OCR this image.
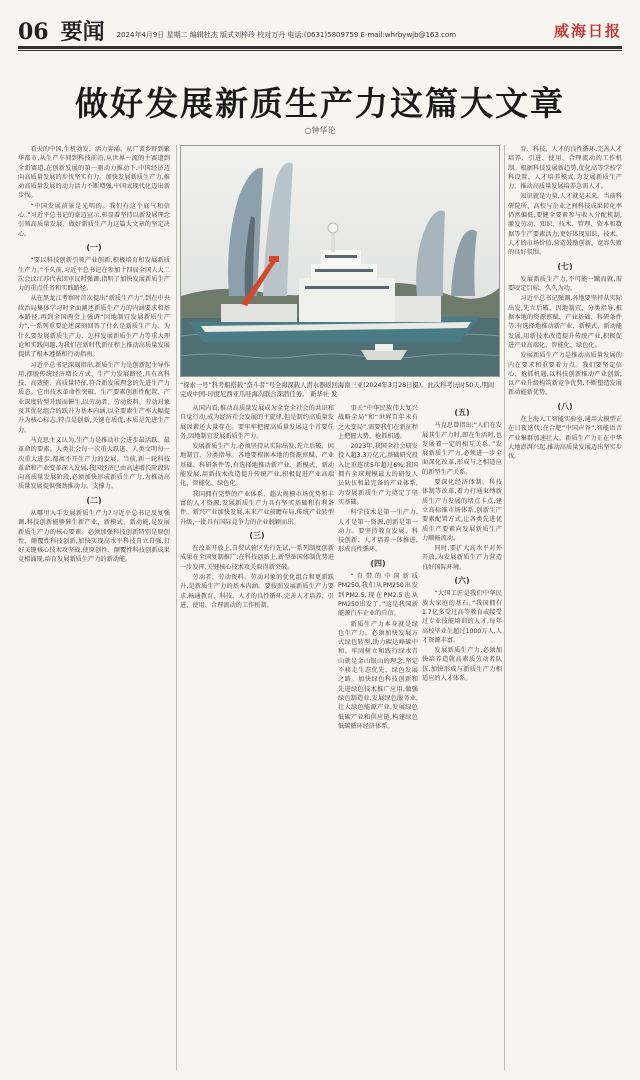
06 要闻 2024年4月9日 星期二 编辑杜杰 版式刘梓玲 校对万丹 电话:(0631)5809759 E-mail:whrbywjb@163.com	威海日报
做好发展新质生产力这篇大文章
○钟华论
“探索一号”科考船搭载“奋斗者”号全海深载人潜水器返回海南三亚(2024年3月28日摄)。此次科考历时50天,期间完成中国-印度尼西亚爪哇海沟联合深潜任务。 新华社 发

看天的中国,生机勃发、活力奔涌。从广袤乡野到繁华都市,从生产车间到科技前沿,从世界一流的主赛道到全新赛道,在创新发展的第一驱动力推动下,中国经济迈向高质量发展的步伐坚实有力。加快发展新质生产力,推动高质量发展的动力活力不断增强,中国式现代化迈出新步伐。

“中国发展前景是光明的。我们有这个底气和信心。”习近平总书记的豪迈宣示,彰显着坚持以新发展理念引领高质量发展、做好新质生产力这篇大文章的坚定决心。

(一)

“要以科技创新引领产业创新,积极培育和发展新质生产力。”不久前,习近平总书记在参加十四届全国人大二次会议江苏代表团审议时强调,指明了加快发展新质生产力的重点任务和实践路径。

从在黑龙江考察时首次提出“新质生产力”,到在中央政治局集体学习时全面阐述新质生产力的内涵要求和基本路径,再到全国两会上强调“因地制宜发展新质生产力”,一系列重要论述深刻回答了什么是新质生产力、为什么要发展新质生产力、怎样发展新质生产力等重大理论和实践问题,为我们在新时代新征程上推动高质量发展提供了根本遵循和行动指南。

习近平总书记深刻指出,新质生产力是创新起主导作用,摆脱传统经济增长方式、生产力发展路径,具有高科技、高效能、高质量特征,符合新发展理念的先进生产力质态。它由技术革命性突破、生产要素创新性配置、产业深度转型升级而催生,以劳动者、劳动资料、劳动对象及其优化组合的跃升为基本内涵,以全要素生产率大幅提升为核心标志,特点是创新,关键在质优,本质是先进生产力。

马克思主义认为,生产力是推动社会进步最活跃、最革命的要素。人类社会每一次重大跃进、人类文明每一次重大进步,都离不开生产力的发展。当前,新一轮科技革命和产业变革深入发展,我国经济已由高速增长阶段转向高质量发展阶段,必须加快形成新质生产力,为推动高质量发展提供强劲推动力、支撑力。

(二)

从哪里入手发展新质生产力?习近平总书记反复强调,科技创新能够催生新产业、新模式、新动能,是发展新质生产力的核心要素。必须加强科技创新特别是原创性、颠覆性科技创新,加快实现高水平科技自立自强,打好关键核心技术攻坚战,使原创性、颠覆性科技创新成果竞相涌现,培育发展新质生产力的新动能。

从国内看,推动高质量发展成为全党全社会的共识和自觉行动,成为经济社会发展的主旋律,但是制约高质量发展因素还大量存在。要牢牢把握高质量发展这个首要任务,因地制宜发展新质生产力。

发展新质生产力,必须坚持从实际出发,先立后破、因地制宜、分类指导。各地要根据本地的资源禀赋、产业基础、科研条件等,有选择地推动新产业、新模式、新动能发展,用新技术改造提升传统产业,积极促进产业高端化、智能化、绿色化。

我国拥有完整的产业体系、超大规模市场优势和丰富的人才资源,发展新质生产力具有坚实基础和有利条件。新兴产业加快发展,未来产业前瞻布局,传统产业转型升级,一批具有国际竞争力的企业脱颖而出。

(三)

在改革开放上,自贸试验区先行先试,一系列制度创新成果在全国复制推广;在科技创新上,新型举国体制优势进一步发挥,关键核心技术攻关取得新突破。

劳动者、劳动资料、劳动对象的优化组合和更新跃升,是新质生产力的基本内涵。要按照发展新质生产力要求,畅通教育、科技、人才的良性循环,完善人才培养、引进、使用、合理流动的工作机制。

事关“中华民族伟大复兴战略全局”和“世界百年未有之大变局”,需要我们在新征程上把握大势、抢抓机遇。

2023年,我国全社会研发投入超3.3万亿元,基础研究投入比重连续5年超过6%;我国拥有全球规模最大的研发人员队伍和最完备的产业体系,为发展新质生产力奠定了坚实基础。

科学技术是第一生产力,人才是第一资源,创新是第一动力。要坚持教育发展、科技创新、人才培养一体推进,形成良性循环。

(四)

“自带的中国新质PM250,我们从PM250出发到PM2.5,现在PM2.5也从PM250出发了。”这是我国新能源汽车企业的自信。

新质生产力本身就是绿色生产力。必须加快发展方式绿色转型,助力碳达峰碳中和。牢固树立和践行绿水青山就是金山银山的理念,坚定不移走生态优先、绿色发展之路。加快绿色科技创新和先进绿色技术推广应用,做强绿色制造业,发展绿色服务业,壮大绿色能源产业,发展绿色低碳产业和供应链,构建绿色低碳循环经济体系。

(五)

马克思曾指出:“人们在发展其生产力时,即在生活时,也发展着一定的相互关系。”发展新质生产力,必须进一步全面深化改革,形成与之相适应的新型生产关系。

要深化经济体制、科技体制等改革,着力打通束缚新质生产力发展的堵点卡点,建立高标准市场体系,创新生产要素配置方式,让各类先进优质生产要素向发展新质生产力顺畅流动。

同时,要扩大高水平对外开放,为发展新质生产力营造良好国际环境。

(六)

“大国工匠是我们中华民族大家庭的基石。”我国拥有1.7亿多受过高等教育或接受过专业技能培训的人才,每年高校毕业生超过1000万人,人才资源丰富。

发展新质生产力,必须加快培养造就高素质劳动者队伍,加快形成与新质生产力相适应的人才体系。

育、科技、人才的良性循环,完善人才培养、引进、使用、合理流动的工作机制。根据科技发展新趋势,优化高等学校学科设置、人才培养模式,为发展新质生产力、推动高质量发展培养急需人才。

知识就是力量,人才就是未来。当前科研院所、高校与企业之间科技成果转化率仍然偏低,要健全要素参与收入分配机制,激发劳动、知识、技术、管理、资本和数据等生产要素活力,更好体现知识、技术、人才的市场价值,营造鼓励创新、宽容失败的良好氛围。

(七)

发展新质生产力,不可能一蹴而就,需要咬定目标、久久为功。

习近平总书记强调,各地要坚持从实际出发,先立后破、因地制宜、分类指导,根据本地的资源禀赋、产业基础、科研条件等,有选择地推动新产业、新模式、新动能发展,用新技术改造提升传统产业,积极促进产业高端化、智能化、绿色化。

发展新质生产力是推动高质量发展的内在要求和重要着力点。我们要坚定信心、抢抓机遇,以科技创新推动产业创新,以产业升级构筑新竞争优势,不断塑造发展新动能新优势。

(八)

在上海人工智能实验室,通用大模型正在日夜迭代;在合肥“中国声谷”,智能语音产业集群加速壮大。新质生产力正在中华大地澎湃兴起,推动高质量发展迈出坚实步伐。
